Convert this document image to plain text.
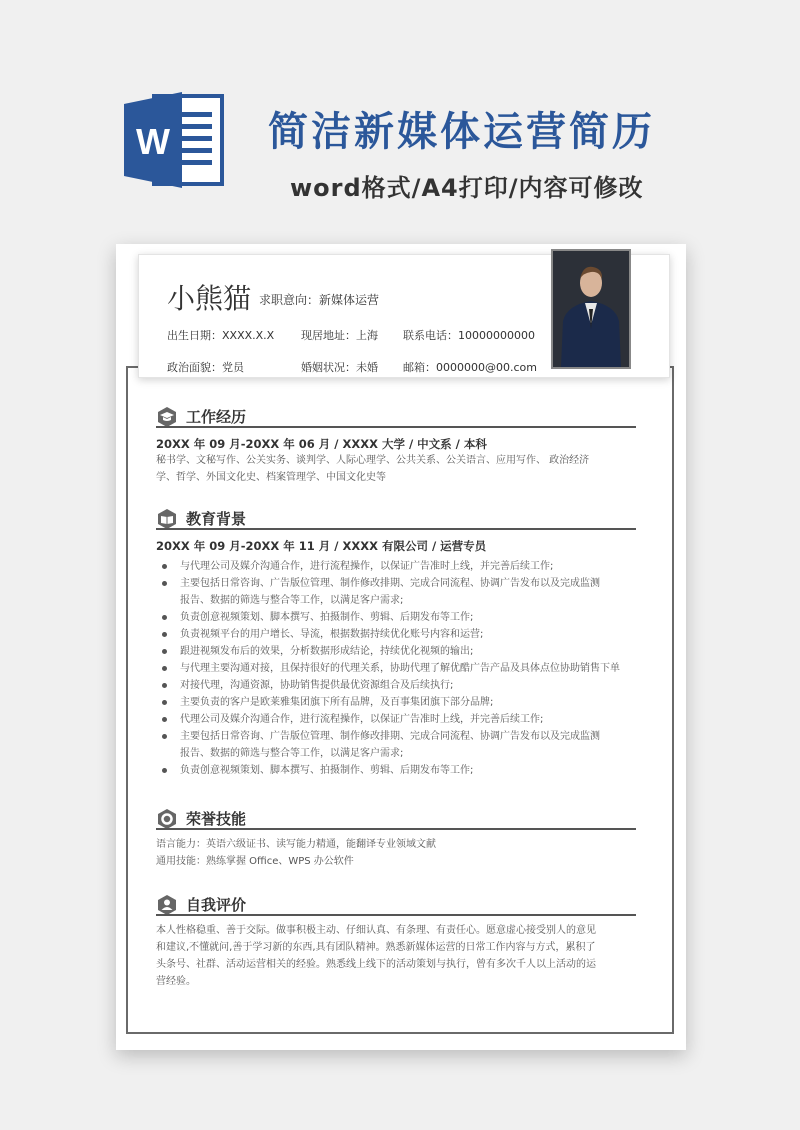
W 简洁新媒体运营简历
word格式/A4打印/内容可修改
小熊猫 求职意向：新媒体运营
出生日期：XXXX.X.X 现居地址：上海 联系电话：10000000000
政治面貌：党员	婚姻状况：未婚 邮箱：0000000@00.com
工作经历
20XX 年 09 月-20XX 年 06 月 / XXXX 大学 / 中文系 / 本科
秘书学、文秘写作、公关实务、谈判学、人际心理学、公共关系、公关语言、应用写作、 政治经济
学、哲学、外国文化史、档案管理学、中国文化史等
教育背景
20XX 年 09 月-20XX 年 11 月 / XXXX 有限公司 / 运营专员
与代理公司及媒介沟通合作，进行流程操作，以保证广告准时上线，并完善后续工作;
主要包括日常咨询、广告版位管理、制作修改排期、完成合同流程、协调广告发布以及完成监测
报告、数据的筛选与整合等工作，以满足客户需求;
负责创意视频策划、脚本撰写、拍摄制作、剪辑、后期发布等工作;
负责视频平台的用户增长、导流，根据数据持续优化账号内容和运营;
跟进视频发布后的效果，分析数据形成结论，持续优化视频的输出;
与代理主要沟通对接，且保持很好的代理关系，协助代理了解优酷广告产品及具体点位协助销售下单
对接代理，沟通资源，协助销售提供最优资源组合及后续执行;
主要负责的客户是欧莱雅集团旗下所有品牌，及百事集团旗下部分品牌;
代理公司及媒介沟通合作，进行流程操作，以保证广告准时上线，并完善后续工作;
主要包括日常咨询、广告版位管理、制作修改排期、完成合同流程、协调广告发布以及完成监测
报告、数据的筛选与整合等工作，以满足客户需求;
负责创意视频策划、脚本撰写、拍摄制作、剪辑、后期发布等工作;
荣誉技能
语言能力：英语六级证书、读写能力精通，能翻译专业领域文献
通用技能：熟练掌握 Office、WPS 办公软件
自我评价
本人性格稳重、善于交际。做事积极主动、仔细认真、有条理、有责任心。愿意虚心接受别人的意见
和建议,不懂就问,善于学习新的东西,具有团队精神。熟悉新媒体运营的日常工作内容与方式，累积了
头条号、社群、活动运营相关的经验。熟悉线上线下的活动策划与执行，曾有多次千人以上活动的运
营经验。
